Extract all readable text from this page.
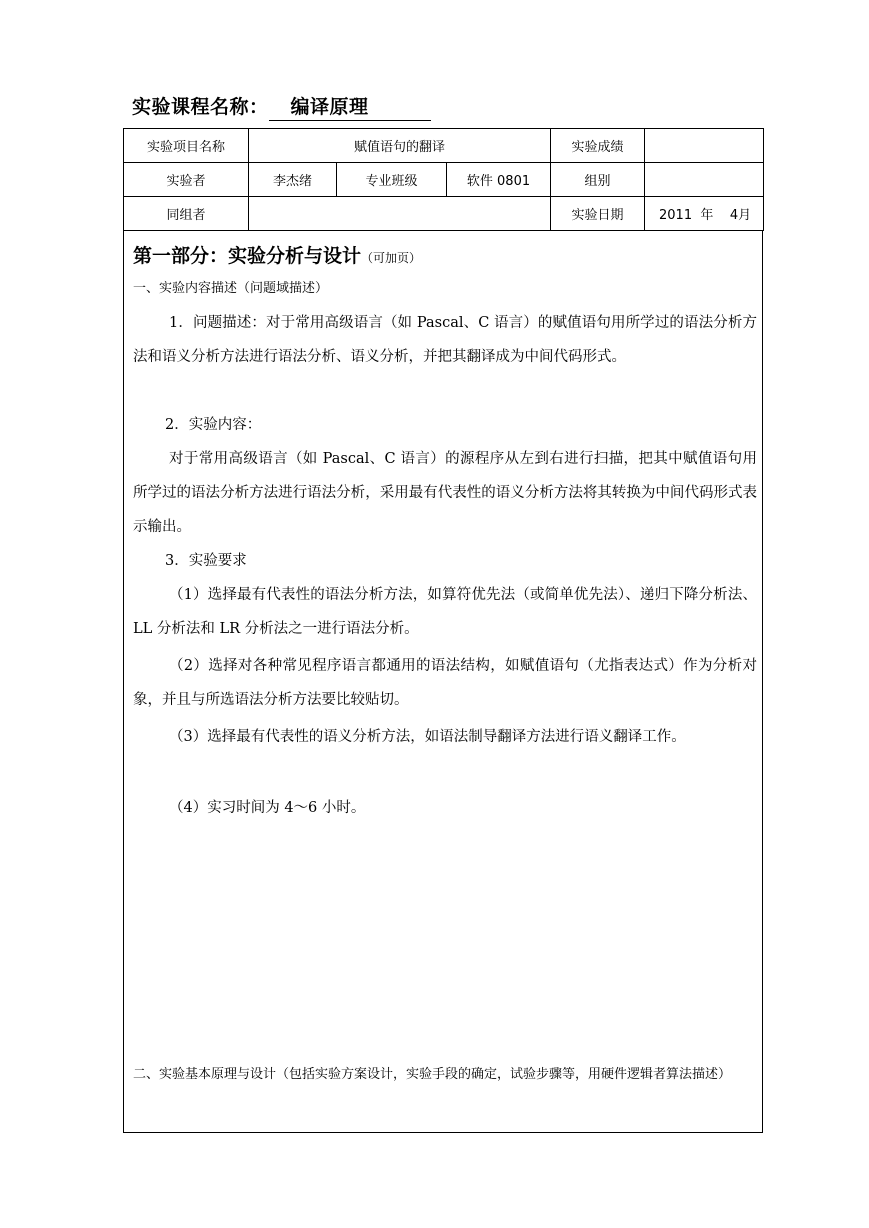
实验课程名称： 编译原理
实验项目名称	赋值语句的翻译			实验成绩	
实验者	李杰绪	专业班级	软件 0801	组别	
同组者				实验日期	2011  年    4月
第一部分：实验分析与设计（可加页）
一、实验内容描述（问题域描述）
1．问题描述：对于常用高级语言（如 Pascal、C 语言）的赋值语句用所学过的语法分析方法和语义分析方法进行语法分析、语义分析，并把其翻译成为中间代码形式。
2．实验内容：
对于常用高级语言（如 Pascal、C 语言）的源程序从左到右进行扫描，把其中赋值语句用所学过的语法分析方法进行语法分析，采用最有代表性的语义分析方法将其转换为中间代码形式表示输出。
3．实验要求
（1）选择最有代表性的语法分析方法，如算符优先法（或简单优先法）、递归下降分析法、LL 分析法和 LR 分析法之一进行语法分析。
（2）选择对各种常见程序语言都通用的语法结构，如赋值语句（尤指表达式）作为分析对象，并且与所选语法分析方法要比较贴切。
（3）选择最有代表性的语义分析方法，如语法制导翻译方法进行语义翻译工作。
（4）实习时间为 4～6 小时。
二、实验基本原理与设计（包括实验方案设计，实验手段的确定，试验步骤等，用硬件逻辑者算法描述）
